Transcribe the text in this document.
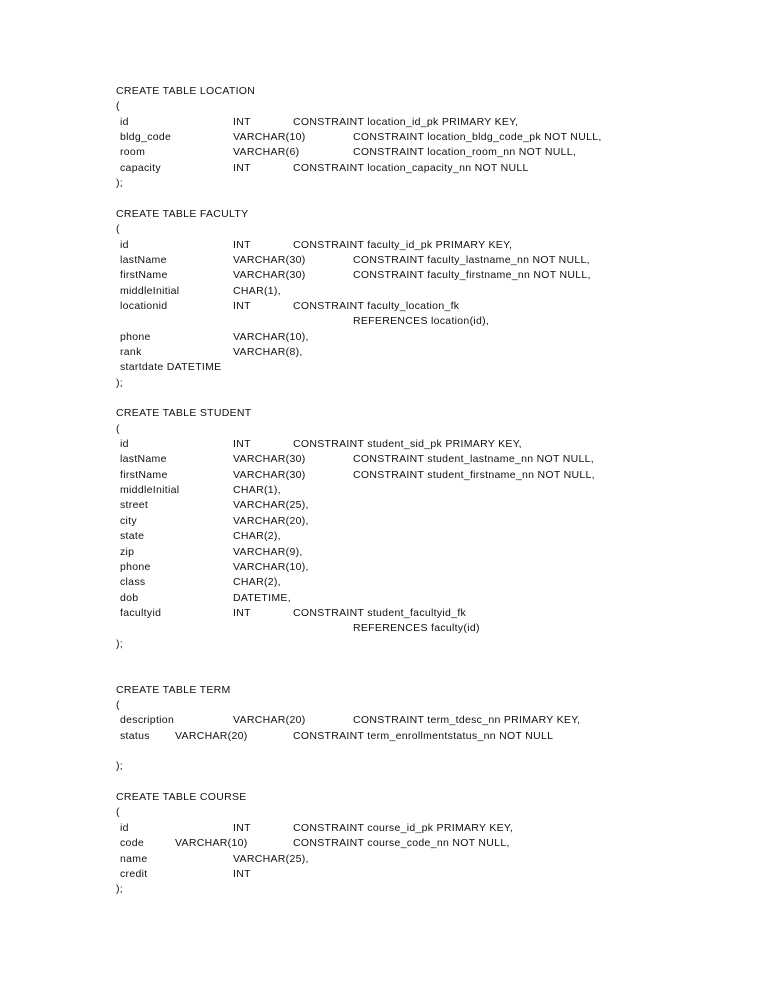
CREATE TABLE LOCATION
(
id	INT	CONSTRAINT location_id_pk PRIMARY KEY,
bldg_code	VARCHAR(10)	CONSTRAINT location_bldg_code_pk NOT NULL,
room	VARCHAR(6)	CONSTRAINT location_room_nn NOT NULL,
capacity	INT	CONSTRAINT location_capacity_nn NOT NULL
);
CREATE TABLE FACULTY
(
id	INT	CONSTRAINT faculty_id_pk PRIMARY KEY,
lastName	VARCHAR(30)	CONSTRAINT faculty_lastname_nn NOT NULL,
firstName	VARCHAR(30)	CONSTRAINT faculty_firstname_nn NOT NULL,
middleInitial	CHAR(1),
locationid	INT	CONSTRAINT faculty_location_fk
REFERENCES location(id),
phone	VARCHAR(10),
rank	VARCHAR(8),
startdate DATETIME
);
CREATE TABLE STUDENT
(
id	INT	CONSTRAINT student_sid_pk PRIMARY KEY,
lastName	VARCHAR(30)	CONSTRAINT student_lastname_nn NOT NULL,
firstName	VARCHAR(30)	CONSTRAINT student_firstname_nn NOT NULL,
middleInitial	CHAR(1),
street	VARCHAR(25),
city	VARCHAR(20),
state	CHAR(2),
zip	VARCHAR(9),
phone	VARCHAR(10),
class	CHAR(2),
dob	DATETIME,
facultyid	INT	CONSTRAINT student_facultyid_fk
REFERENCES faculty(id)
);
CREATE TABLE TERM
(
description	VARCHAR(20)	CONSTRAINT term_tdesc_nn PRIMARY KEY,
status VARCHAR(20)	CONSTRAINT term_enrollmentstatus_nn NOT NULL
);
CREATE TABLE COURSE
(
id	INT	CONSTRAINT course_id_pk PRIMARY KEY,
code	VARCHAR(10)	CONSTRAINT course_code_nn NOT NULL,
name	VARCHAR(25),
credit	INT
);
